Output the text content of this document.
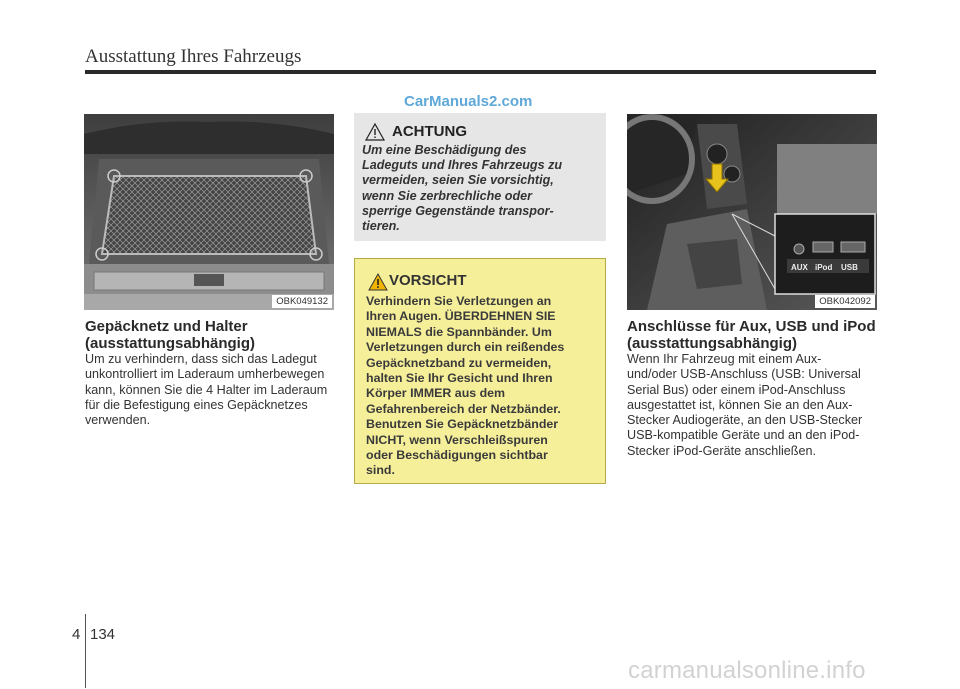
Ausstattung Ihres Fahrzeugs
CarManuals2.com
OBK049132
Gepäcknetz und Halter
(ausstattungsabhängig)
Um zu verhindern, dass sich das Ladegut
unkontrolliert im Laderaum umherbewegen
kann, können Sie die 4 Halter im Laderaum
für die Befestigung eines Gepäcknetzes
verwenden.
ACHTUNG
Um eine Beschädigung des
Ladeguts und Ihres Fahrzeugs zu
vermeiden, seien Sie vorsichtig,
wenn Sie zerbrechliche oder
sperrige Gegenstände transpor-
tieren.
VORSICHT
Verhindern Sie Verletzungen an
Ihren Augen. ÜBERDEHNEN SIE
NIEMALS die Spannbänder. Um
Verletzungen durch ein reißendes
Gepäcknetzband zu vermeiden,
halten Sie Ihr Gesicht und Ihren
Körper IMMER aus dem
Gefahrenbereich der Netzbänder.
Benutzen Sie Gepäcknetzbänder
NICHT, wenn Verschleißspuren
oder Beschädigungen sichtbar
sind.
AUX iPod USB
OBK042092
Anschlüsse für Aux, USB und iPod
(ausstattungsabhängig)
Wenn Ihr Fahrzeug mit einem Aux-
und/oder USB-Anschluss (USB: Universal
Serial Bus) oder einem iPod-Anschluss
ausgestattet ist, können Sie an den Aux-
Stecker Audiogeräte, an den USB-Stecker
USB-kompatible Geräte und an den iPod-
Stecker iPod-Geräte anschließen.
4 134
carmanualsonline.info
